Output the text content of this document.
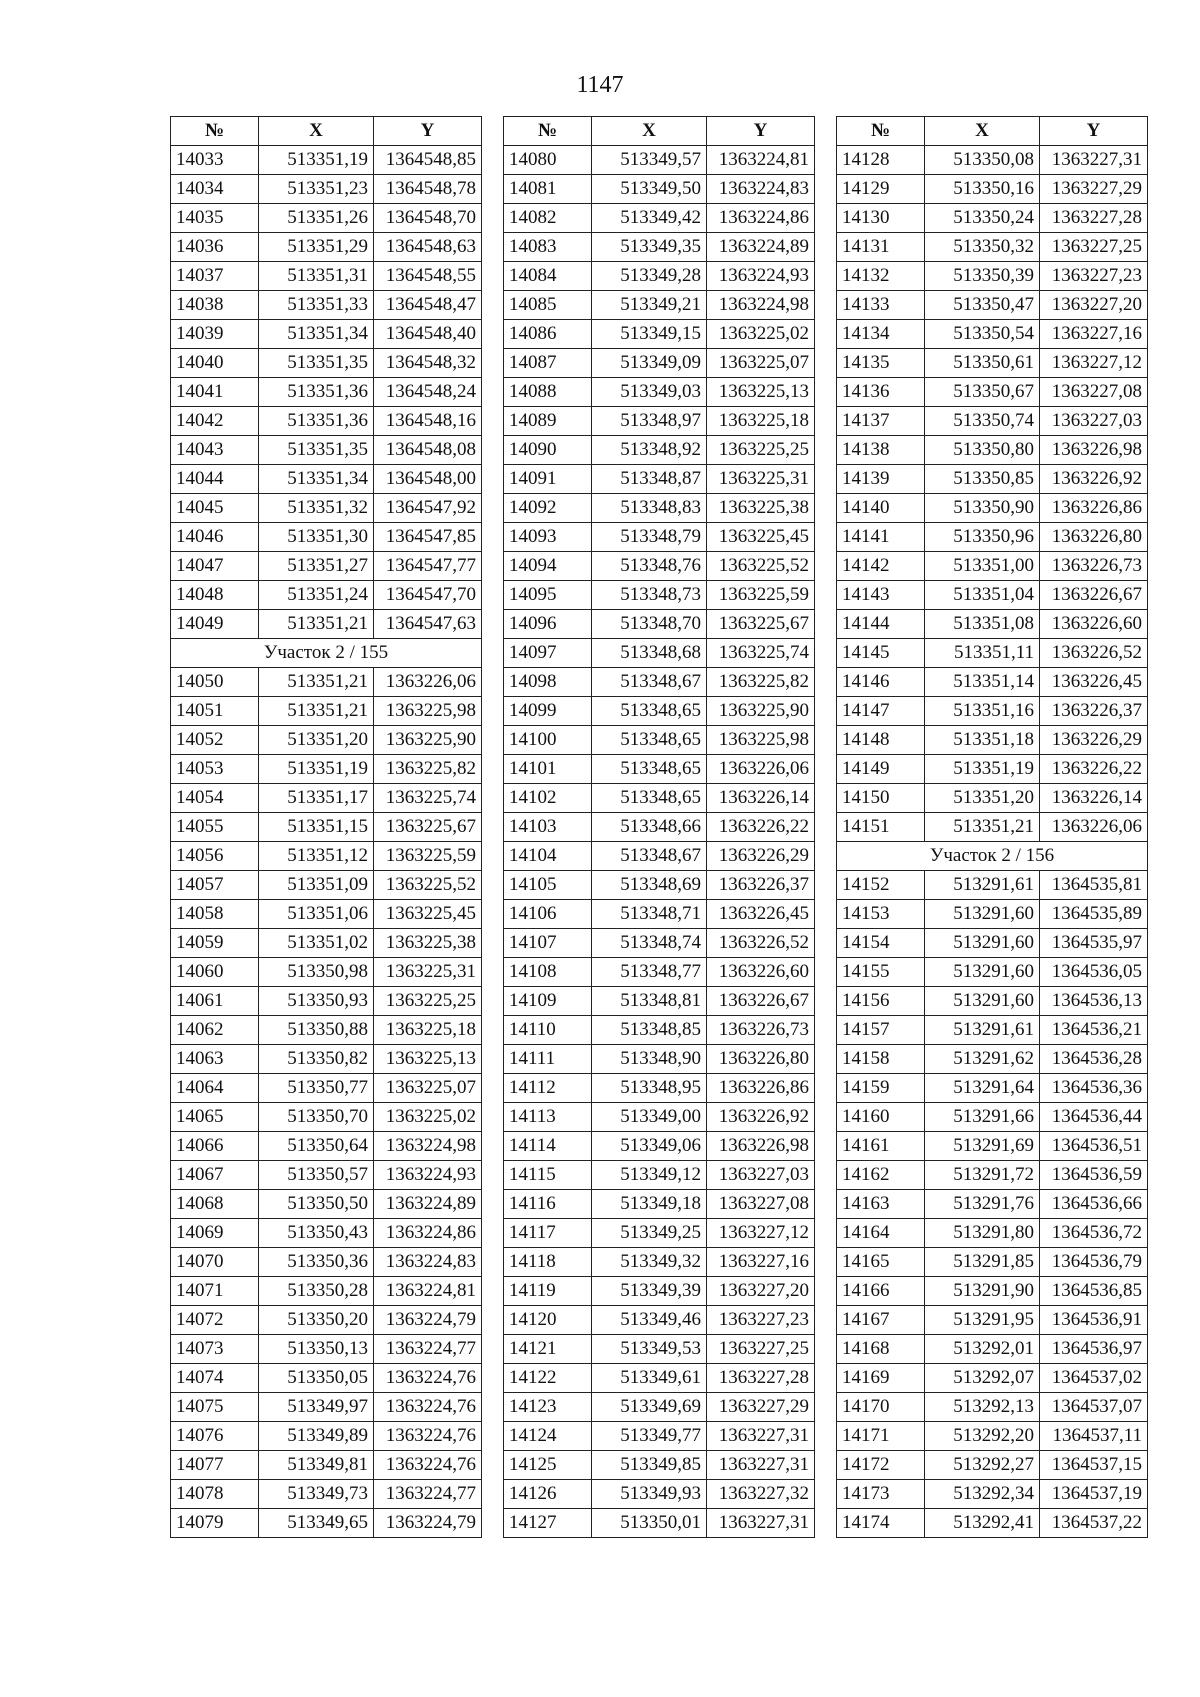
1147
№	X	Y
14033	513351,19	1364548,85
14034	513351,23	1364548,78
14035	513351,26	1364548,70
14036	513351,29	1364548,63
14037	513351,31	1364548,55
14038	513351,33	1364548,47
14039	513351,34	1364548,40
14040	513351,35	1364548,32
14041	513351,36	1364548,24
14042	513351,36	1364548,16
14043	513351,35	1364548,08
14044	513351,34	1364548,00
14045	513351,32	1364547,92
14046	513351,30	1364547,85
14047	513351,27	1364547,77
14048	513351,24	1364547,70
14049	513351,21	1364547,63
Участок 2 / 155		
14050	513351,21	1363226,06
14051	513351,21	1363225,98
14052	513351,20	1363225,90
14053	513351,19	1363225,82
14054	513351,17	1363225,74
14055	513351,15	1363225,67
14056	513351,12	1363225,59
14057	513351,09	1363225,52
14058	513351,06	1363225,45
14059	513351,02	1363225,38
14060	513350,98	1363225,31
14061	513350,93	1363225,25
14062	513350,88	1363225,18
14063	513350,82	1363225,13
14064	513350,77	1363225,07
14065	513350,70	1363225,02
14066	513350,64	1363224,98
14067	513350,57	1363224,93
14068	513350,50	1363224,89
14069	513350,43	1363224,86
14070	513350,36	1363224,83
14071	513350,28	1363224,81
14072	513350,20	1363224,79
14073	513350,13	1363224,77
14074	513350,05	1363224,76
14075	513349,97	1363224,76
14076	513349,89	1363224,76
14077	513349,81	1363224,76
14078	513349,73	1363224,77
14079	513349,65	1363224,79
№	X	Y
14080	513349,57	1363224,81
14081	513349,50	1363224,83
14082	513349,42	1363224,86
14083	513349,35	1363224,89
14084	513349,28	1363224,93
14085	513349,21	1363224,98
14086	513349,15	1363225,02
14087	513349,09	1363225,07
14088	513349,03	1363225,13
14089	513348,97	1363225,18
14090	513348,92	1363225,25
14091	513348,87	1363225,31
14092	513348,83	1363225,38
14093	513348,79	1363225,45
14094	513348,76	1363225,52
14095	513348,73	1363225,59
14096	513348,70	1363225,67
14097	513348,68	1363225,74
14098	513348,67	1363225,82
14099	513348,65	1363225,90
14100	513348,65	1363225,98
14101	513348,65	1363226,06
14102	513348,65	1363226,14
14103	513348,66	1363226,22
14104	513348,67	1363226,29
14105	513348,69	1363226,37
14106	513348,71	1363226,45
14107	513348,74	1363226,52
14108	513348,77	1363226,60
14109	513348,81	1363226,67
14110	513348,85	1363226,73
14111	513348,90	1363226,80
14112	513348,95	1363226,86
14113	513349,00	1363226,92
14114	513349,06	1363226,98
14115	513349,12	1363227,03
14116	513349,18	1363227,08
14117	513349,25	1363227,12
14118	513349,32	1363227,16
14119	513349,39	1363227,20
14120	513349,46	1363227,23
14121	513349,53	1363227,25
14122	513349,61	1363227,28
14123	513349,69	1363227,29
14124	513349,77	1363227,31
14125	513349,85	1363227,31
14126	513349,93	1363227,32
14127	513350,01	1363227,31
№	X	Y
14128	513350,08	1363227,31
14129	513350,16	1363227,29
14130	513350,24	1363227,28
14131	513350,32	1363227,25
14132	513350,39	1363227,23
14133	513350,47	1363227,20
14134	513350,54	1363227,16
14135	513350,61	1363227,12
14136	513350,67	1363227,08
14137	513350,74	1363227,03
14138	513350,80	1363226,98
14139	513350,85	1363226,92
14140	513350,90	1363226,86
14141	513350,96	1363226,80
14142	513351,00	1363226,73
14143	513351,04	1363226,67
14144	513351,08	1363226,60
14145	513351,11	1363226,52
14146	513351,14	1363226,45
14147	513351,16	1363226,37
14148	513351,18	1363226,29
14149	513351,19	1363226,22
14150	513351,20	1363226,14
14151	513351,21	1363226,06
Участок 2 / 156		
14152	513291,61	1364535,81
14153	513291,60	1364535,89
14154	513291,60	1364535,97
14155	513291,60	1364536,05
14156	513291,60	1364536,13
14157	513291,61	1364536,21
14158	513291,62	1364536,28
14159	513291,64	1364536,36
14160	513291,66	1364536,44
14161	513291,69	1364536,51
14162	513291,72	1364536,59
14163	513291,76	1364536,66
14164	513291,80	1364536,72
14165	513291,85	1364536,79
14166	513291,90	1364536,85
14167	513291,95	1364536,91
14168	513292,01	1364536,97
14169	513292,07	1364537,02
14170	513292,13	1364537,07
14171	513292,20	1364537,11
14172	513292,27	1364537,15
14173	513292,34	1364537,19
14174	513292,41	1364537,22
